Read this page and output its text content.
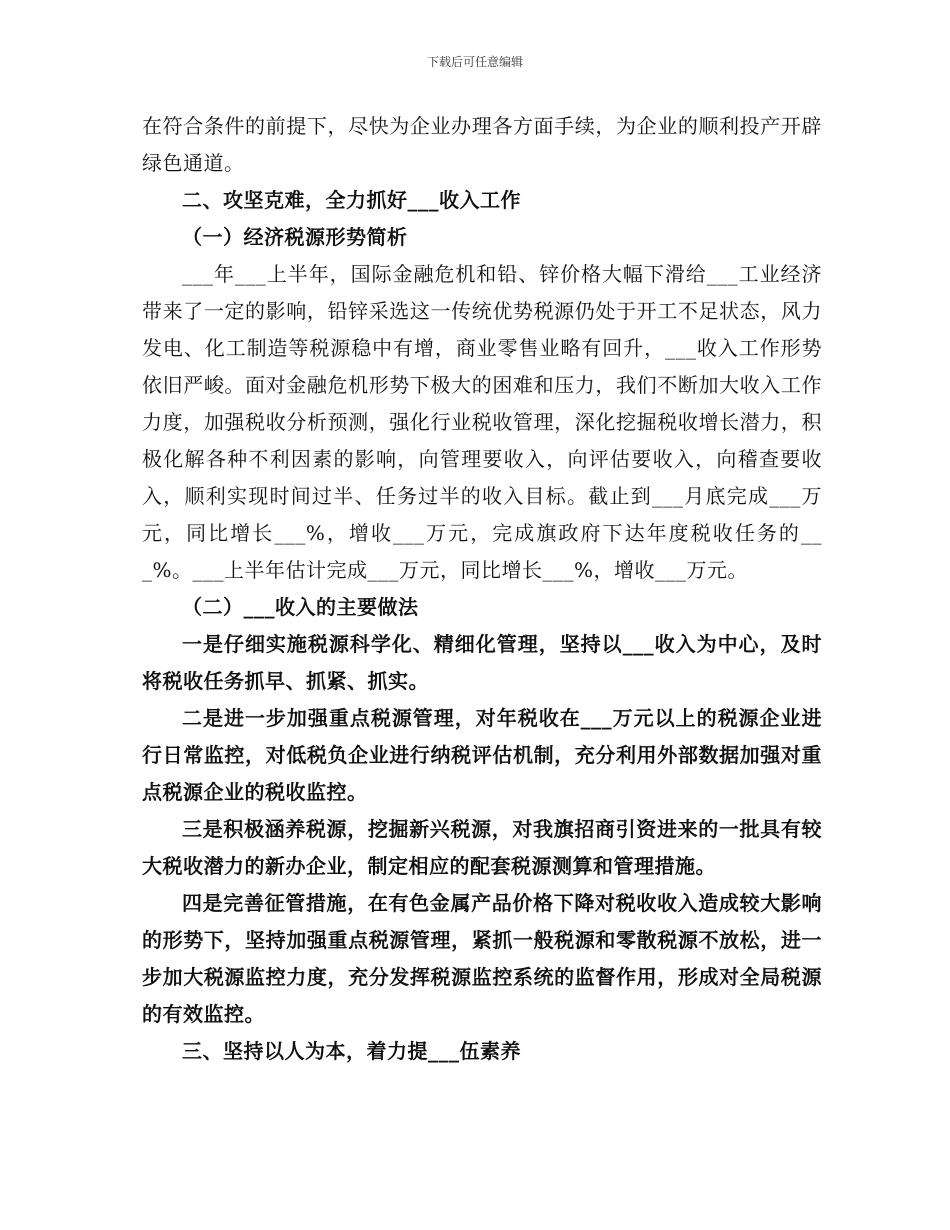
下载后可任意编辑

在符合条件的前提下，尽快为企业办理各方面手续，为企业的顺利投产开辟绿色通道。

二、攻坚克难，全力抓好___收入工作

（一）经济税源形势简析

___年___上半年，国际金融危机和铅、锌价格大幅下滑给___工业经济带来了一定的影响，铅锌采选这一传统优势税源仍处于开工不足状态，风力发电、化工制造等税源稳中有增，商业零售业略有回升，___收入工作形势依旧严峻。面对金融危机形势下极大的困难和压力，我们不断加大收入工作力度，加强税收分析预测，强化行业税收管理，深化挖掘税收增长潜力，积极化解各种不利因素的影响，向管理要收入，向评估要收入，向稽查要收入，顺利实现时间过半、任务过半的收入目标。截止到___月底完成___万元，同比增长___%，增收___万元，完成旗政府下达年度税收任务的___%。___上半年估计完成___万元，同比增长___%，增收___万元。

（二）___收入的主要做法

一是仔细实施税源科学化、精细化管理，坚持以___收入为中心，及时将税收任务抓早、抓紧、抓实。

二是进一步加强重点税源管理，对年税收在___万元以上的税源企业进行日常监控，对低税负企业进行纳税评估机制，充分利用外部数据加强对重点税源企业的税收监控。

三是积极涵养税源，挖掘新兴税源，对我旗招商引资进来的一批具有较大税收潜力的新办企业，制定相应的配套税源测算和管理措施。

四是完善征管措施，在有色金属产品价格下降对税收收入造成较大影响的形势下，坚持加强重点税源管理，紧抓一般税源和零散税源不放松，进一步加大税源监控力度，充分发挥税源监控系统的监督作用，形成对全局税源的有效监控。

三、坚持以人为本，着力提___伍素养
